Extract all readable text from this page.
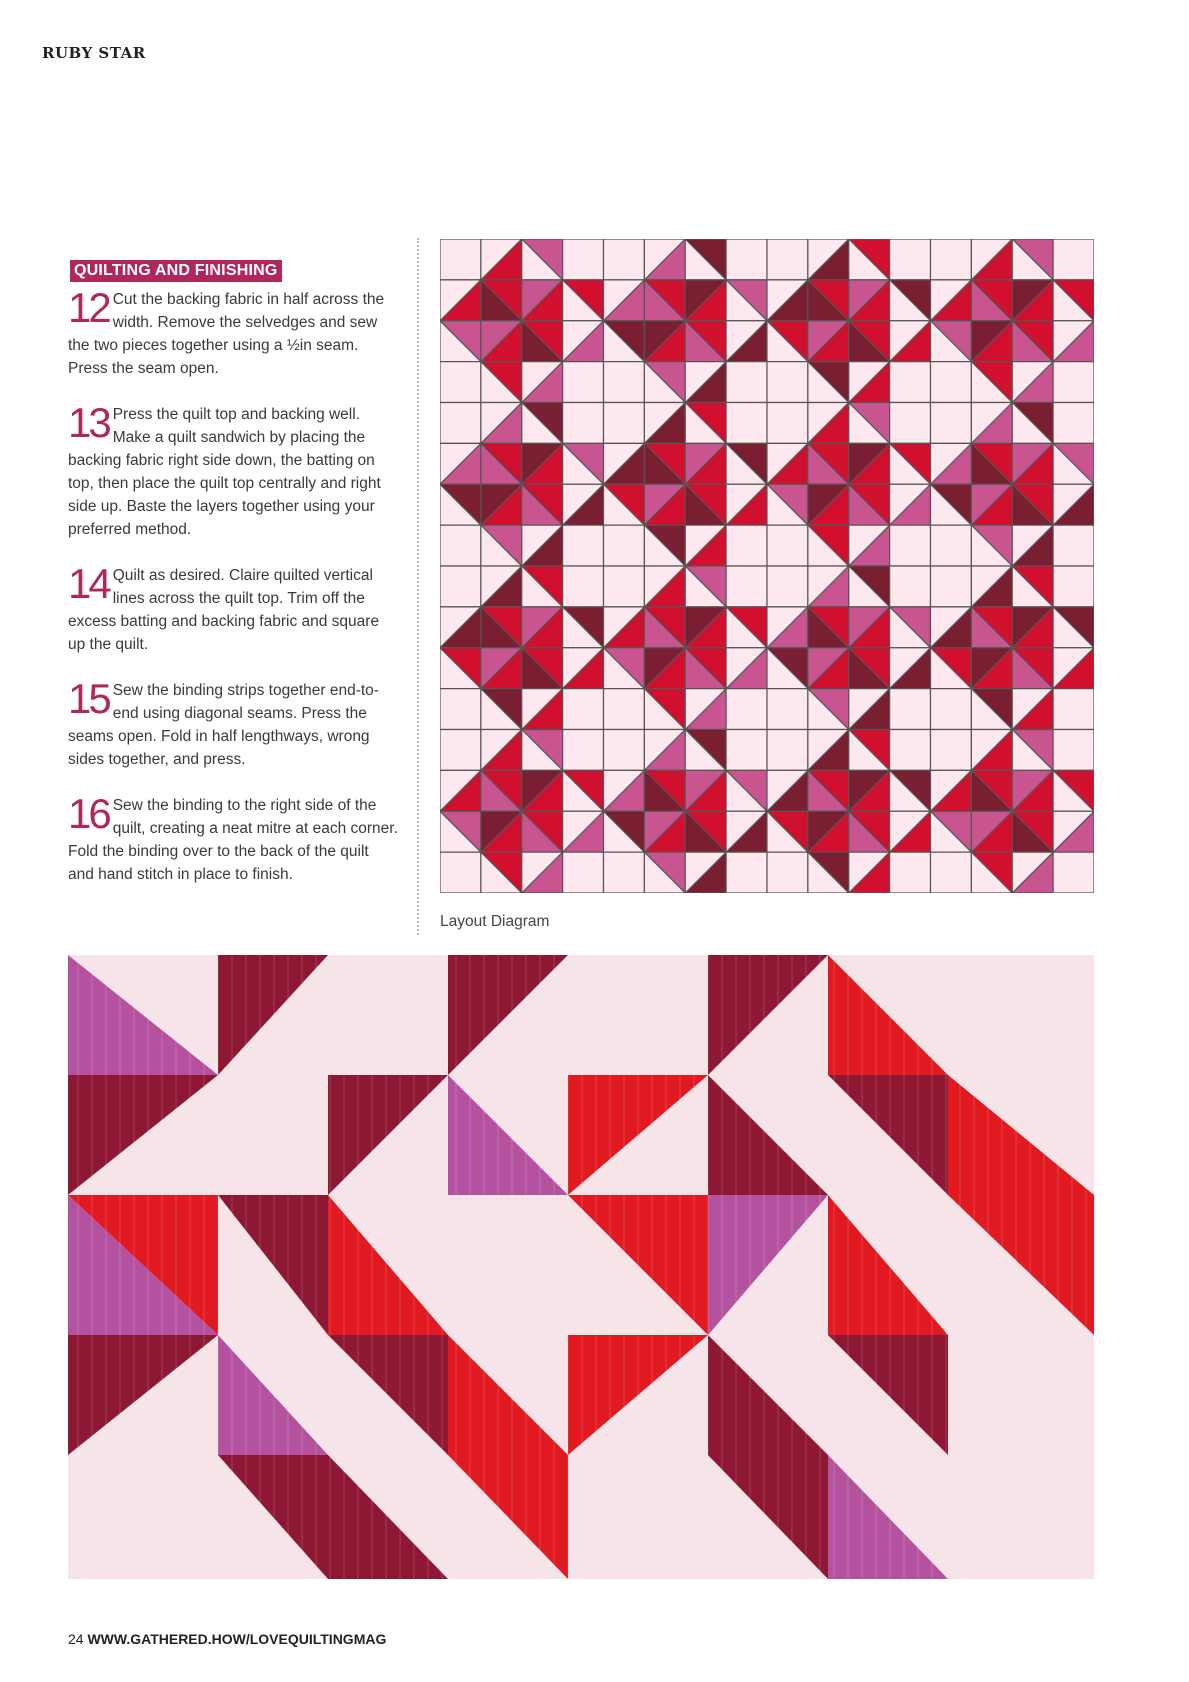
RUBY STAR
QUILTING AND FINISHING
12 Cut the backing fabric in half across the width. Remove the selvedges and sew the two pieces together using a ½in seam. Press the seam open.
13 Press the quilt top and backing well. Make a quilt sandwich by placing the backing fabric right side down, the batting on top, then place the quilt top centrally and right side up. Baste the layers together using your preferred method.
14 Quilt as desired. Claire quilted vertical lines across the quilt top. Trim off the excess batting and backing fabric and square up the quilt.
15 Sew the binding strips together end-to-end using diagonal seams. Press the seams open. Fold in half lengthways, wrong sides together, and press.
16 Sew the binding to the right side of the quilt, creating a neat mitre at each corner. Fold the binding over to the back of the quilt and hand stitch in place to finish.
Layout Diagram
24 WWW.GATHERED.HOW/LOVEQUILTINGMAG
